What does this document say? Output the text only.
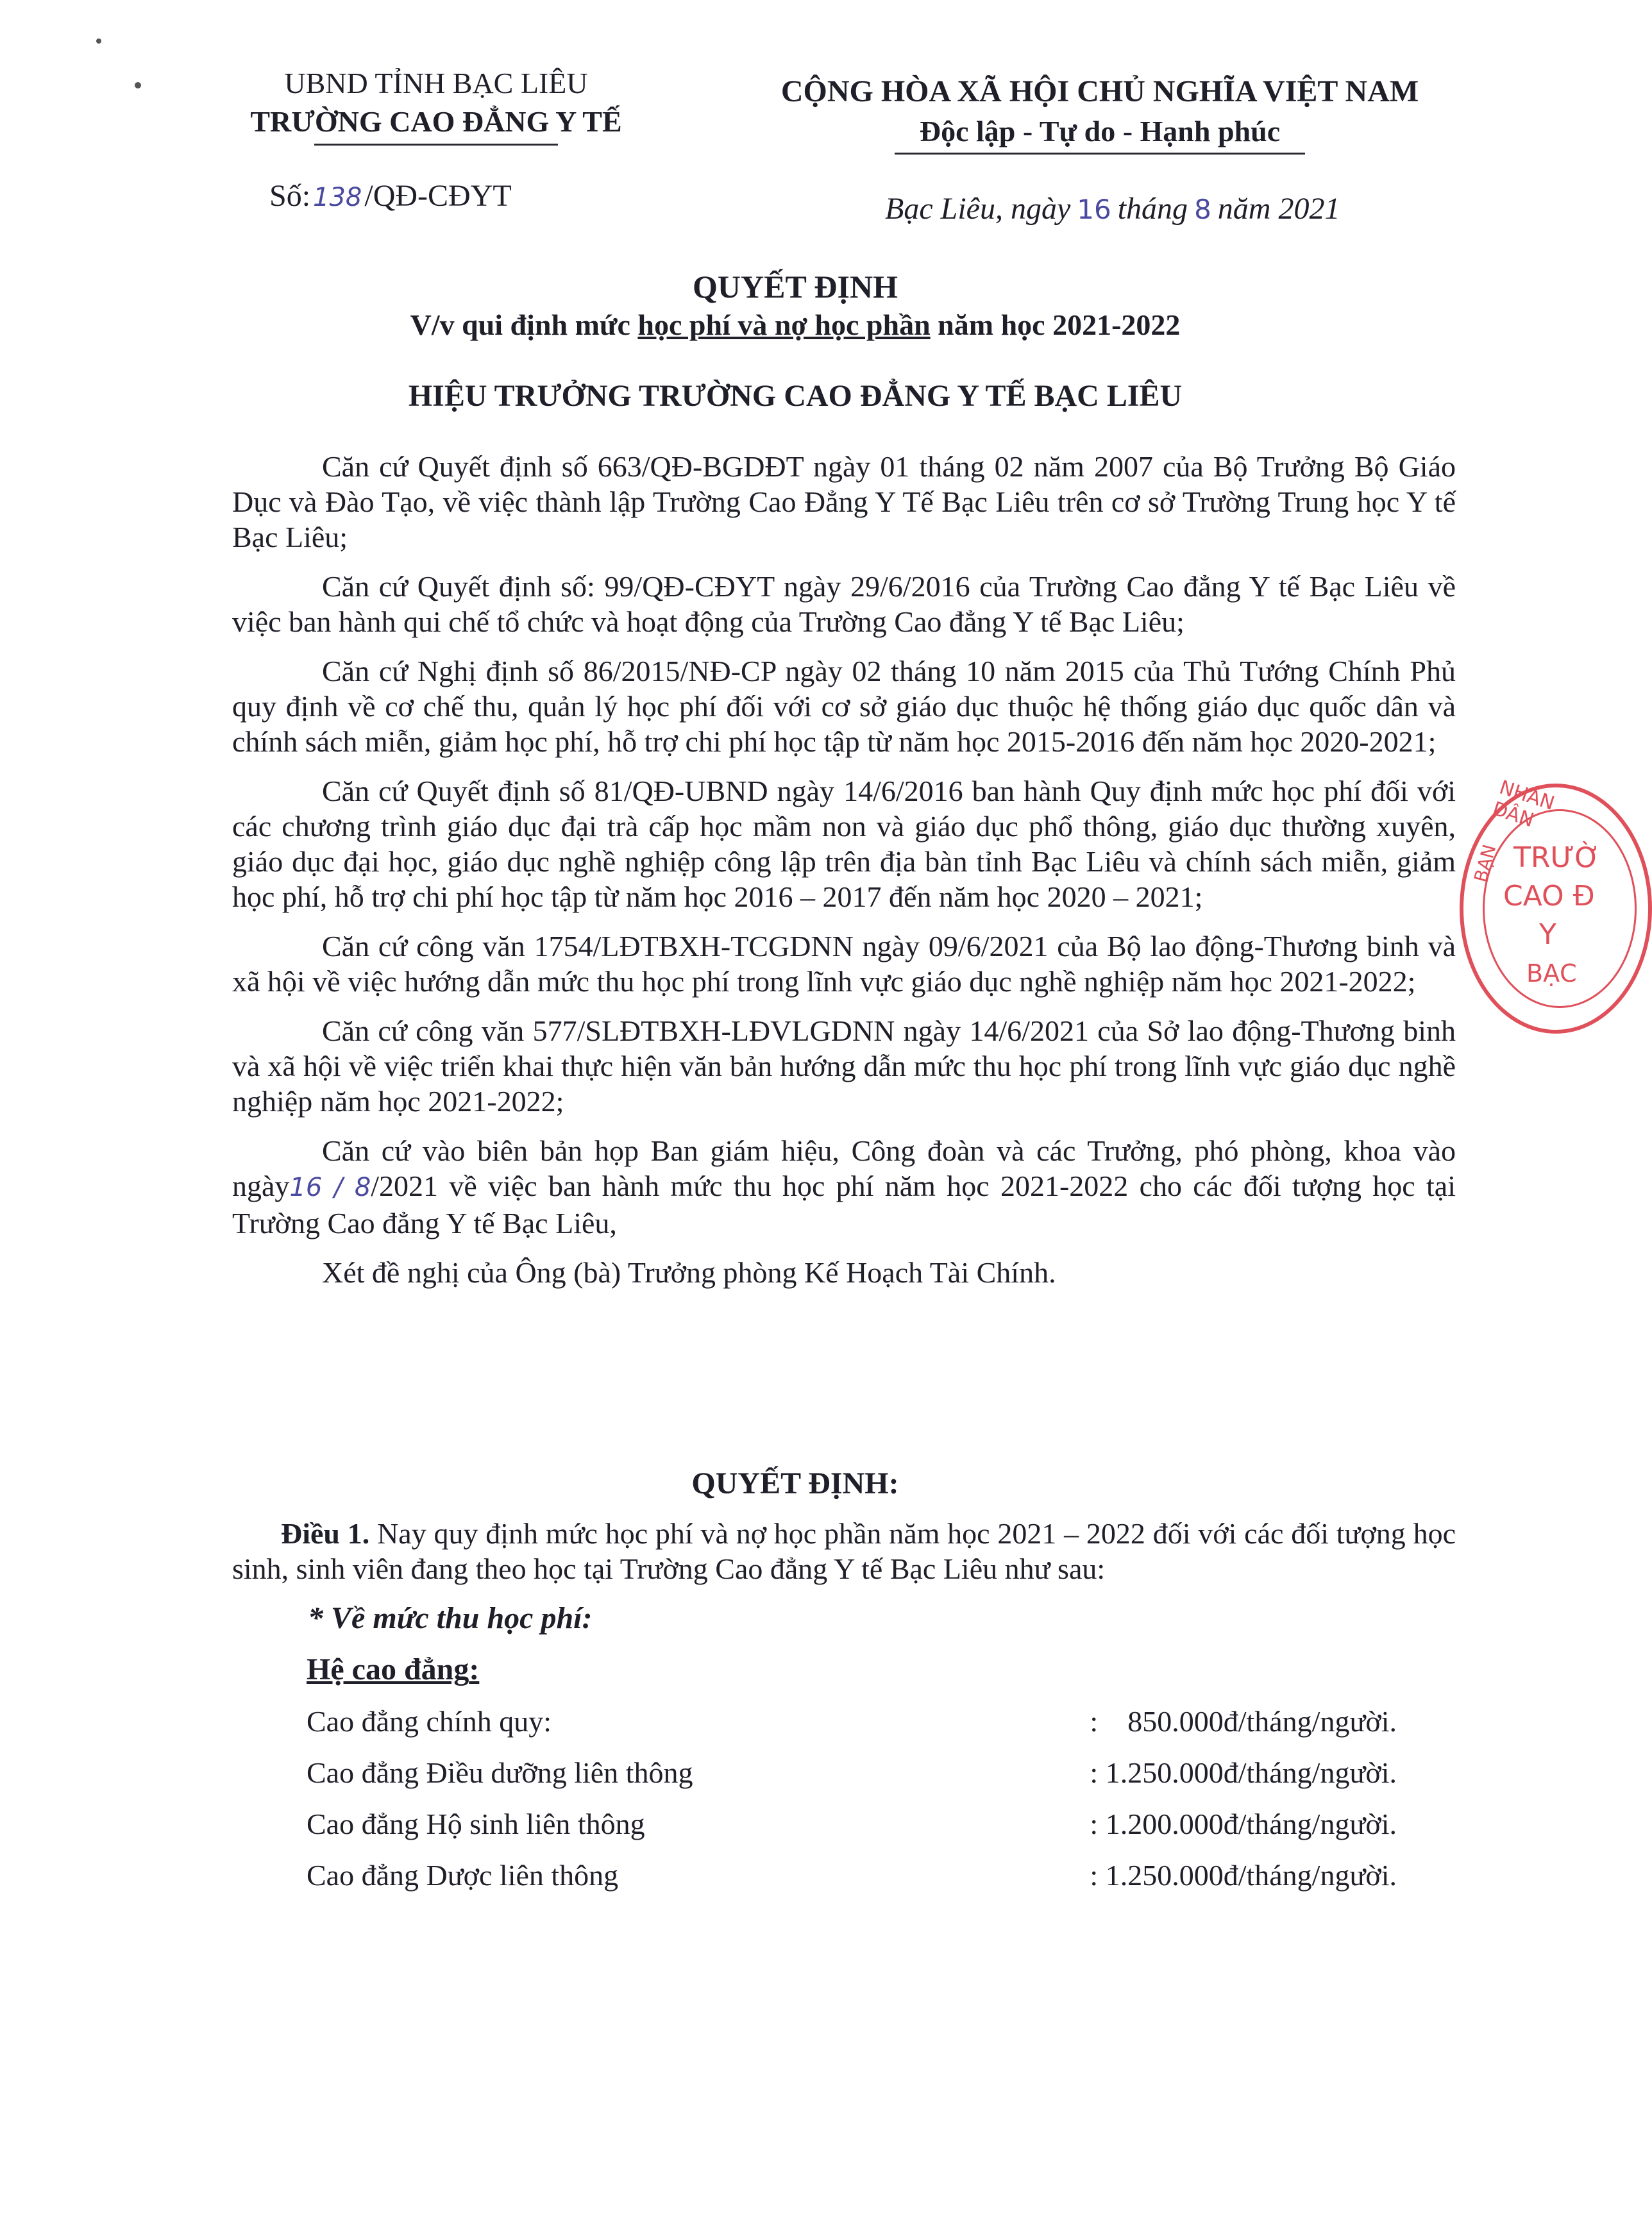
UBND TỈNH BẠC LIÊU
TRƯỜNG CAO ĐẲNG Y TẾ
CỘNG HÒA XÃ HỘI CHỦ NGHĨA VIỆT NAM
Độc lập - Tự do - Hạnh phúc
Số: 138/QĐ-CĐYT	Bạc Liêu, ngày 16 tháng 8 năm 2021
QUYẾT ĐỊNH
V/v qui định mức học phí và nợ học phần năm học 2021-2022
HIỆU TRƯỞNG TRƯỜNG CAO ĐẲNG Y TẾ BẠC LIÊU

Căn cứ Quyết định số 663/QĐ-BGDĐT ngày 01 tháng 02 năm 2007 của Bộ Trưởng Bộ Giáo Dục và Đào Tạo, về việc thành lập Trường Cao Đẳng Y Tế Bạc Liêu trên cơ sở Trường Trung học Y tế Bạc Liêu;

Căn cứ Quyết định số: 99/QĐ-CĐYT ngày 29/6/2016 của Trường Cao đẳng Y tế Bạc Liêu về việc ban hành qui chế tổ chức và hoạt động của Trường Cao đẳng Y tế Bạc Liêu;

Căn cứ Nghị định số 86/2015/NĐ-CP ngày 02 tháng 10 năm 2015 của Thủ Tướng Chính Phủ quy định về cơ chế thu, quản lý học phí đối với cơ sở giáo dục thuộc hệ thống giáo dục quốc dân và chính sách miễn, giảm học phí, hỗ trợ chi phí học tập từ năm học 2015-2016 đến năm học 2020-2021;

Căn cứ Quyết định số 81/QĐ-UBND ngày 14/6/2016 ban hành Quy định mức học phí đối với các chương trình giáo dục đại trà cấp học mầm non và giáo dục phổ thông, giáo dục thường xuyên, giáo dục đại học, giáo dục nghề nghiệp công lập trên địa bàn tỉnh Bạc Liêu và chính sách miễn, giảm học phí, hỗ trợ chi phí học tập từ năm học 2016 – 2017 đến năm học 2020 – 2021;

Căn cứ công văn 1754/LĐTBXH-TCGDNN ngày 09/6/2021 của Bộ lao động-Thương binh và xã hội về việc hướng dẫn mức thu học phí trong lĩnh vực giáo dục nghề nghiệp năm học 2021-2022;

Căn cứ công văn 577/SLĐTBXH-LĐVLGDNN ngày 14/6/2021 của Sở lao động-Thương binh và xã hội về việc triển khai thực hiện văn bản hướng dẫn mức thu học phí trong lĩnh vực giáo dục nghề nghiệp năm học 2021-2022;

Căn cứ vào biên bản họp Ban giám hiệu, Công đoàn và các Trưởng, phó phòng, khoa vào ngày16 / 8/2021 về việc ban hành mức thu học phí năm học 2021-2022 cho các đối tượng học tại Trường Cao đẳng Y tế Bạc Liêu,

Xét đề nghị của Ông (bà) Trưởng phòng Kế Hoạch Tài Chính.

QUYẾT ĐỊNH:
Điều 1. Nay quy định mức học phí và nợ học phần năm học 2021 – 2022 đối với các đối tượng học sinh, sinh viên đang theo học tại Trường Cao đẳng Y tế Bạc Liêu như sau:
* Về mức thu học phí:
Hệ cao đẳng:
Cao đẳng chính quy:	:    850.000đ/tháng/người.
Cao đẳng Điều dưỡng liên thông	: 1.250.000đ/tháng/người.
Cao đẳng Hộ sinh liên thông	: 1.200.000đ/tháng/người.
Cao đẳng Dược liên thông	: 1.250.000đ/tháng/người.
NHÂN DÂN
BẠN TRƯỜ
CAO Đ
Y
BẠC
